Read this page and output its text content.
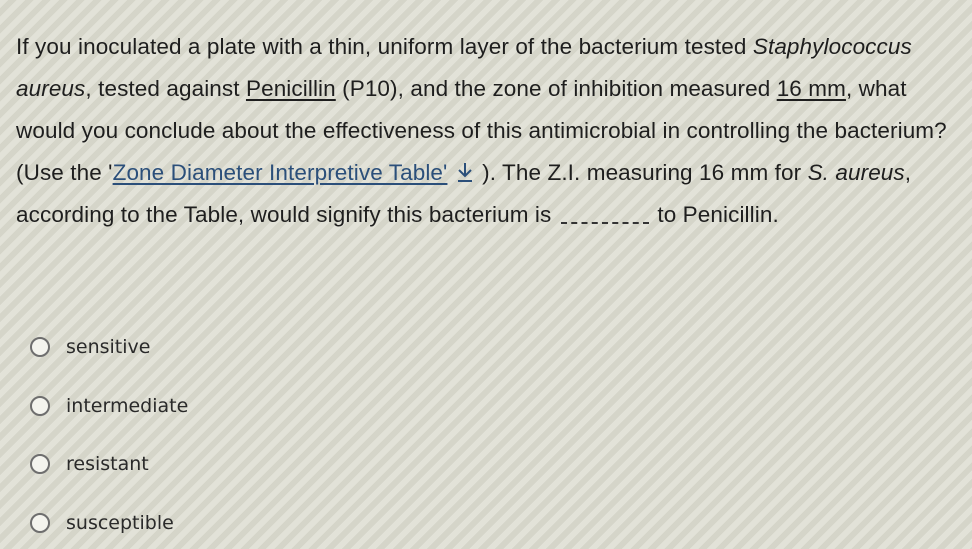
If you inoculated a plate with a thin, uniform layer of the bacterium tested Staphylococcus aureus, tested against Penicillin (P10), and the zone of inhibition measured 16 mm, what would you conclude about the effectiveness of this antimicrobial in controlling the bacterium? (Use the 'Zone Diameter Interpretive Table'  ). The Z.I. measuring 16 mm for S. aureus, according to the Table, would signify this bacterium is	to Penicillin.
sensitive
intermediate
resistant
susceptible
